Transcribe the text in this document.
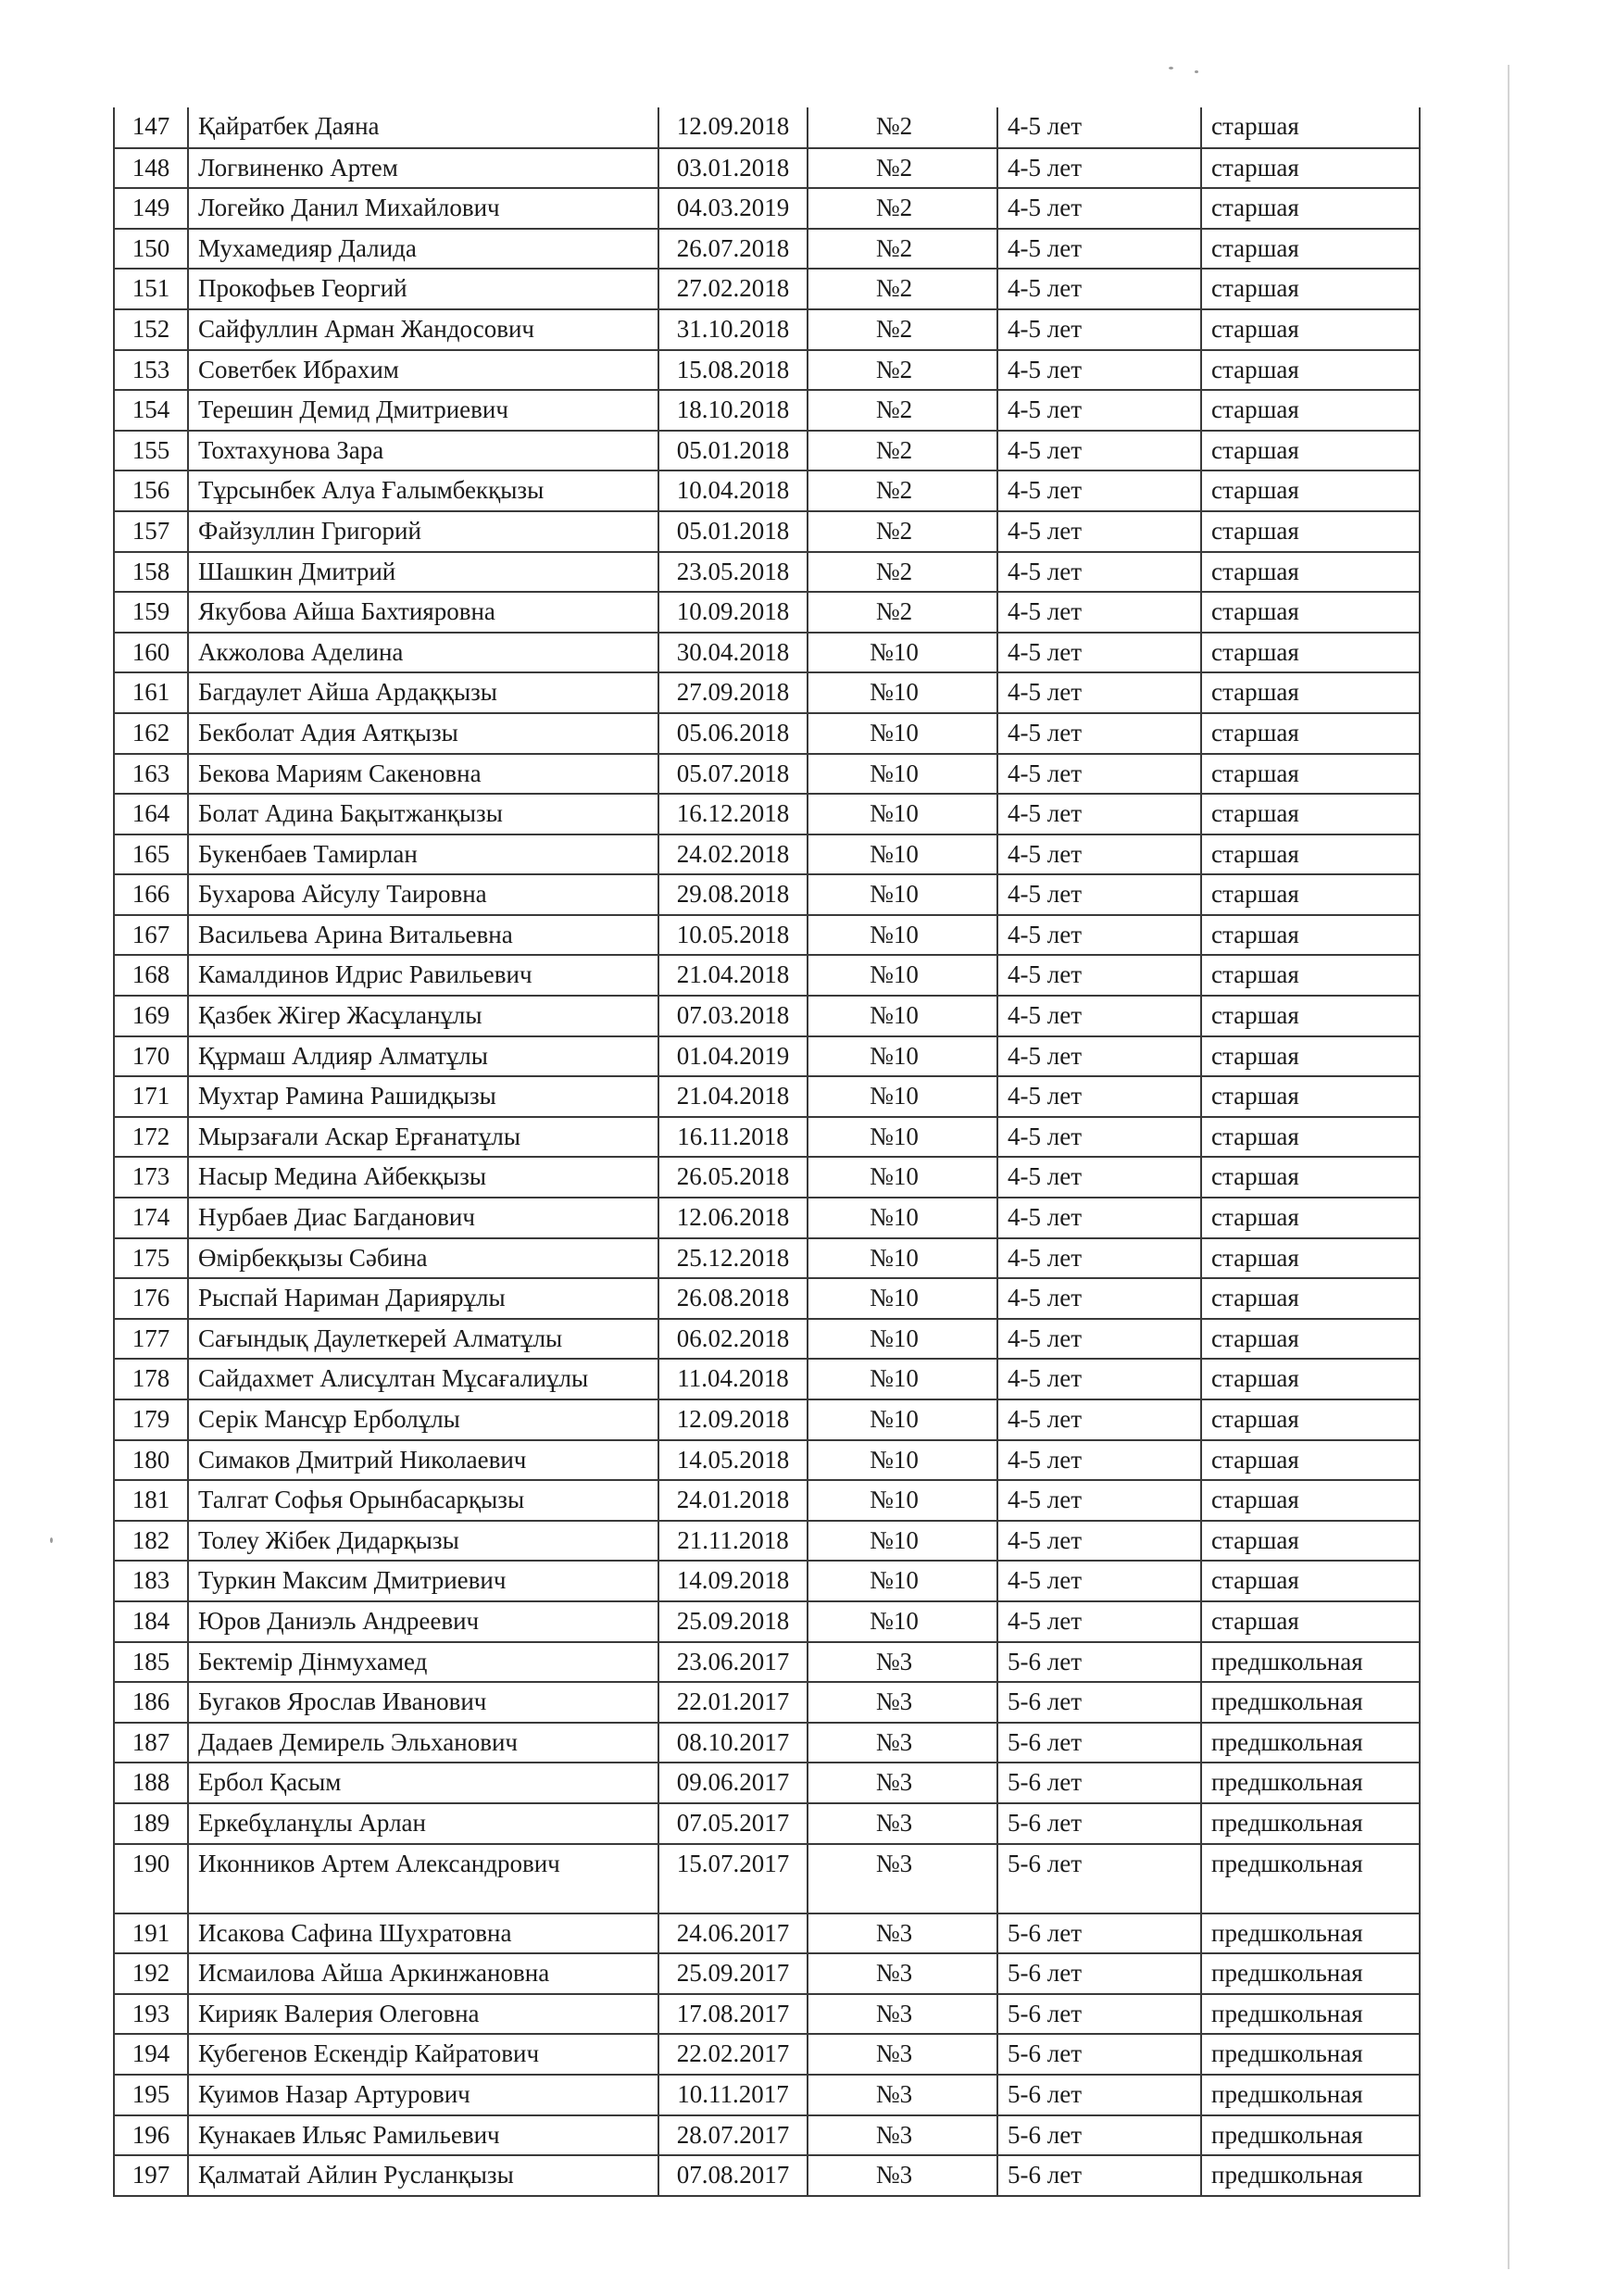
147	Қайратбек Даяна	12.09.2018	№2	4-5 лет	старшая
148	Логвиненко Артем	03.01.2018	№2	4-5 лет	старшая
149	Логейко Данил Михайлович	04.03.2019	№2	4-5 лет	старшая
150	Мухамедияр Далида	26.07.2018	№2	4-5 лет	старшая
151	Прокофьев Георгий	27.02.2018	№2	4-5 лет	старшая
152	Сайфуллин Арман Жандосович	31.10.2018	№2	4-5 лет	старшая
153	Советбек Ибрахим	15.08.2018	№2	4-5 лет	старшая
154	Терешин Демид Дмитриевич	18.10.2018	№2	4-5 лет	старшая
155	Тохтахунова Зара	05.01.2018	№2	4-5 лет	старшая
156	Тұрсынбек Алуа Ғалымбекқызы	10.04.2018	№2	4-5 лет	старшая
157	Файзуллин Григорий	05.01.2018	№2	4-5 лет	старшая
158	Шашкин Дмитрий	23.05.2018	№2	4-5 лет	старшая
159	Якубова Айша Бахтияровна	10.09.2018	№2	4-5 лет	старшая
160	Акжолова Аделина	30.04.2018	№10	4-5 лет	старшая
161	Багдаулет Айша Ардаққызы	27.09.2018	№10	4-5 лет	старшая
162	Бекболат Адия Аятқызы	05.06.2018	№10	4-5 лет	старшая
163	Бекова Мариям Сакеновна	05.07.2018	№10	4-5 лет	старшая
164	Болат Адина Бақытжанқызы	16.12.2018	№10	4-5 лет	старшая
165	Букенбаев Тамирлан	24.02.2018	№10	4-5 лет	старшая
166	Бухарова Айсулу Таировна	29.08.2018	№10	4-5 лет	старшая
167	Васильева Арина Витальевна	10.05.2018	№10	4-5 лет	старшая
168	Камалдинов Идрис Равильевич	21.04.2018	№10	4-5 лет	старшая
169	Қазбек Жігер Жасұланұлы	07.03.2018	№10	4-5 лет	старшая
170	Құрмаш Алдияр Алматұлы	01.04.2019	№10	4-5 лет	старшая
171	Мухтар Рамина Рашидқызы	21.04.2018	№10	4-5 лет	старшая
172	Мырзағали Аскар Ерғанатұлы	16.11.2018	№10	4-5 лет	старшая
173	Насыр Медина Айбекқызы	26.05.2018	№10	4-5 лет	старшая
174	Нурбаев Диас Багданович	12.06.2018	№10	4-5 лет	старшая
175	Өмірбекқызы Сәбина	25.12.2018	№10	4-5 лет	старшая
176	Рыспай Нариман Дариярұлы	26.08.2018	№10	4-5 лет	старшая
177	Сағындық Даулеткерей Алматұлы	06.02.2018	№10	4-5 лет	старшая
178	Сайдахмет Алисұлтан Мұсағалиұлы	11.04.2018	№10	4-5 лет	старшая
179	Серік Мансұр Ерболұлы	12.09.2018	№10	4-5 лет	старшая
180	Симаков Дмитрий Николаевич	14.05.2018	№10	4-5 лет	старшая
181	Талгат Софья Орынбасарқызы	24.01.2018	№10	4-5 лет	старшая
182	Толеу Жібек Дидарқызы	21.11.2018	№10	4-5 лет	старшая
183	Туркин Максим Дмитриевич	14.09.2018	№10	4-5 лет	старшая
184	Юров Даниэль Андреевич	25.09.2018	№10	4-5 лет	старшая
185	Бектемір Дінмухамед	23.06.2017	№3	5-6 лет	предшкольная
186	Бугаков Ярослав Иванович	22.01.2017	№3	5-6 лет	предшкольная
187	Дадаев Демирель Эльханович	08.10.2017	№3	5-6 лет	предшкольная
188	Ербол Қасым	09.06.2017	№3	5-6 лет	предшкольная
189	Еркебұланұлы Арлан	07.05.2017	№3	5-6 лет	предшкольная
190	Иконников Артем Александрович	15.07.2017	№3	5-6 лет	предшкольная
191	Исакова Сафина Шухратовна	24.06.2017	№3	5-6 лет	предшкольная
192	Исмаилова Айша Аркинжановна	25.09.2017	№3	5-6 лет	предшкольная
193	Кирияк Валерия Олеговна	17.08.2017	№3	5-6 лет	предшкольная
194	Кубегенов Ескендір Кайратович	22.02.2017	№3	5-6 лет	предшкольная
195	Куимов Назар Артурович	10.11.2017	№3	5-6 лет	предшкольная
196	Кунакаев Ильяс Рамильевич	28.07.2017	№3	5-6 лет	предшкольная
197	Қалматай Айлин Русланқызы	07.08.2017	№3	5-6 лет	предшкольная
